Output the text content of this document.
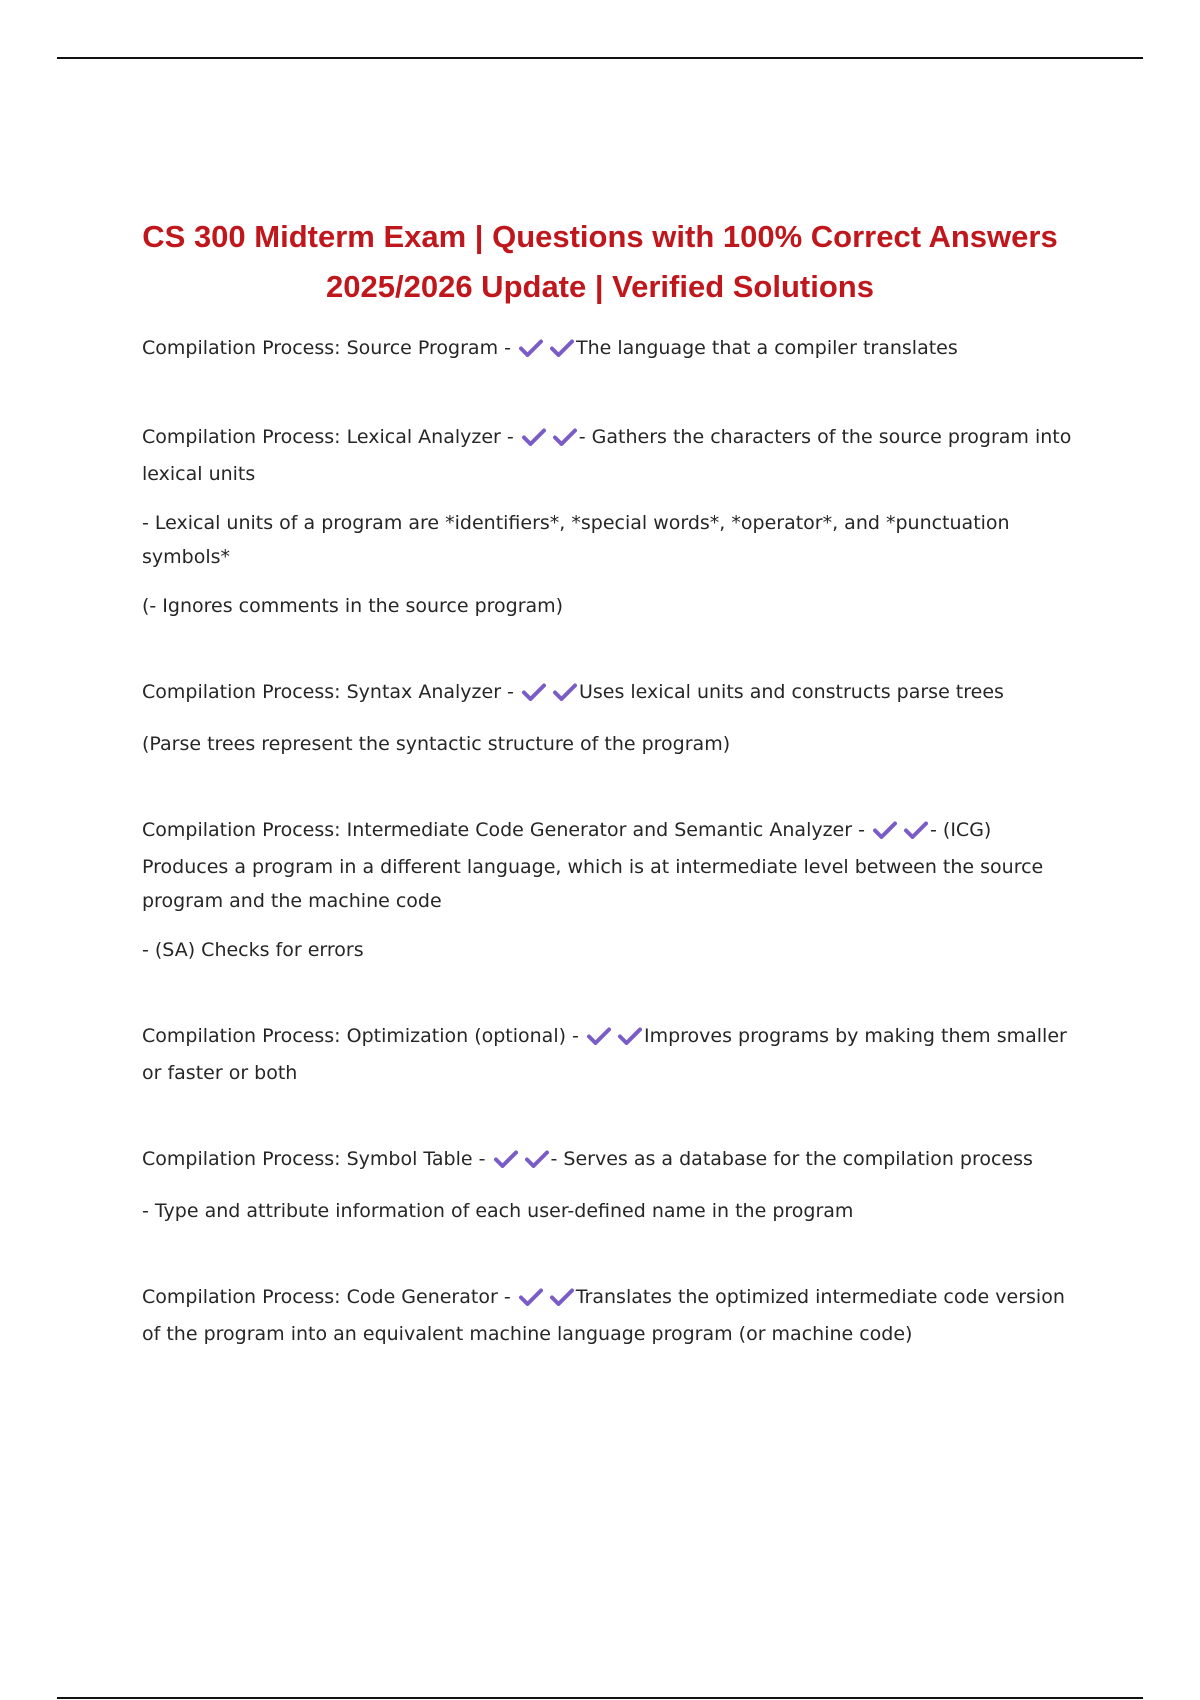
CS 300 Midterm Exam | Questions with 100% Correct Answers
2025/2026 Update | Verified Solutions
Compilation Process: Source Program -	The language that a compiler translates
Compilation Process: Lexical Analyzer -	- Gathers the characters of the source program into lexical units
- Lexical units of a program are *identifiers*, *special words*, *operator*, and *punctuation symbols*
(- Ignores comments in the source program)
Compilation Process: Syntax Analyzer -	Uses lexical units and constructs parse trees
(Parse trees represent the syntactic structure of the program)
Compilation Process: Intermediate Code Generator and Semantic Analyzer -	- (ICG) Produces a program in a different language, which is at intermediate level between the source program and the machine code
- (SA) Checks for errors
Compilation Process: Optimization (optional) -	Improves programs by making them smaller or faster or both
Compilation Process: Symbol Table -	- Serves as a database for the compilation process
- Type and attribute information of each user-defined name in the program
Compilation Process: Code Generator -	Translates the optimized intermediate code version of the program into an equivalent machine language program (or machine code)
